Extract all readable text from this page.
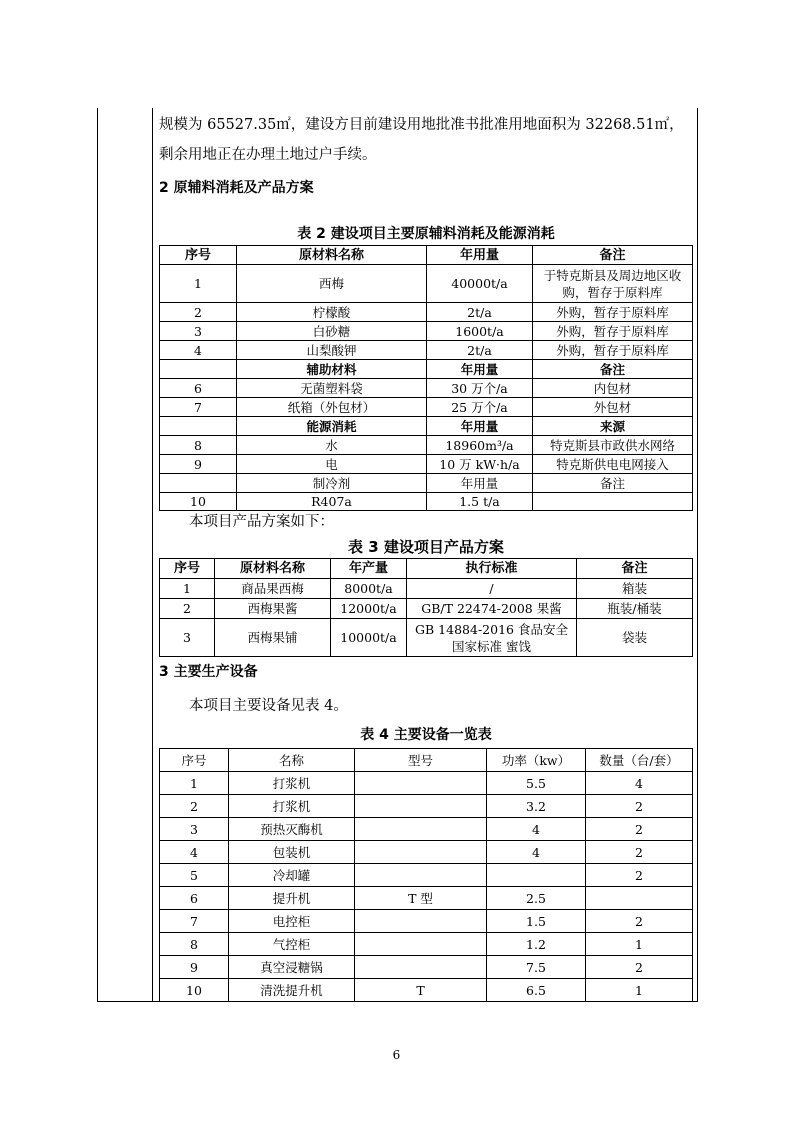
规模为 65527.35㎡，建设方目前建设用地批准书批准用地面积为 32268.51㎡，
剩余用地正在办理土地过户手续。
2 原辅料消耗及产品方案
表 2 建设项目主要原辅料消耗及能源消耗
序号	原材料名称	年用量	备注
1	西梅	40000t/a	于特克斯县及周边地区收购，暂存于原料库
2	柠檬酸	2t/a	外购，暂存于原料库
3	白砂糖	1600t/a	外购，暂存于原料库
4	山梨酸钾	2t/a	外购，暂存于原料库
	辅助材料	年用量	备注
6	无菌塑料袋	30 万个/a	内包材
7	纸箱（外包材）	25 万个/a	外包材
	能源消耗	年用量	来源
8	水	18960m³/a	特克斯县市政供水网络
9	电	10 万 kW·h/a	特克斯供电电网接入
	制冷剂	年用量	备注
10	R407a	1.5 t/a	
本项目产品方案如下：
表 3 建设项目产品方案
序号	原材料名称	年产量	执行标准	备注
1	商品果西梅	8000t/a	/	箱装
2	西梅果酱	12000t/a	GB/T 22474-2008 果酱	瓶装/桶装
3	西梅果铺	10000t/a	GB 14884-2016 食品安全国家标准 蜜饯	袋装
3 主要生产设备
本项目主要设备见表 4。
表 4 主要设备一览表
序号	名称	型号	功率（kw）	数量（台/套）
1	打浆机		5.5	4
2	打浆机		3.2	2
3	预热灭酶机		4	2
4	包装机		4	2
5	冷却罐			2
6	提升机	T 型	2.5	
7	电控柜		1.5	2
8	气控柜		1.2	1
9	真空浸糖锅		7.5	2
10	清洗提升机	T	6.5	1
6
